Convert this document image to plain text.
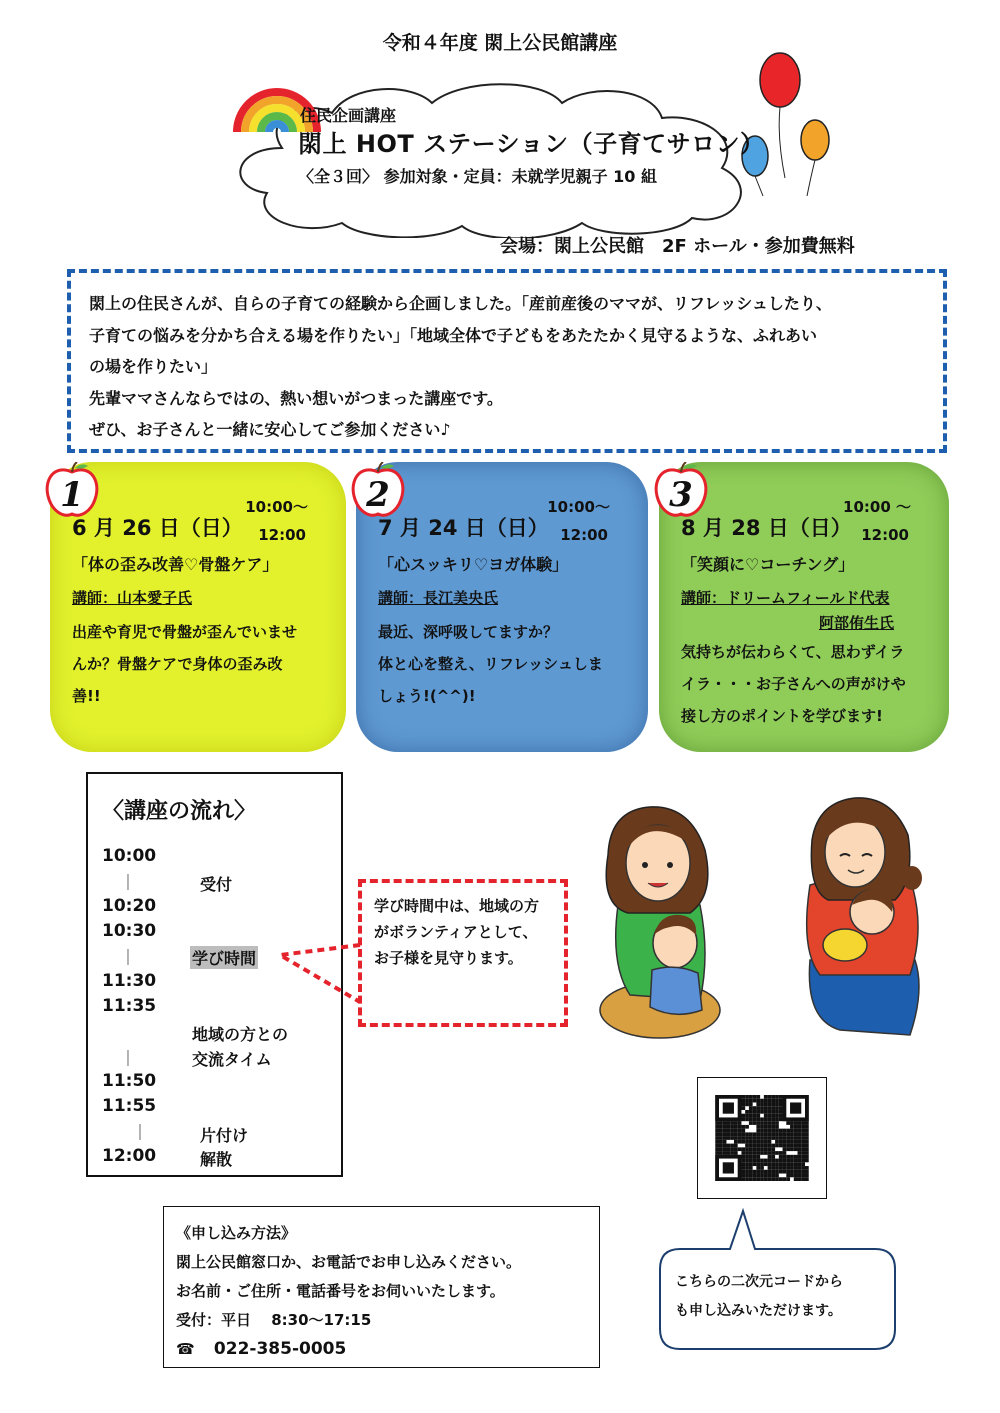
令和４年度 閖上公民館講座
住民企画講座
閖上 HOT ステーション（子育てサロン）
〈全３回〉 参加対象・定員：未就学児親子 10 組
会場：閖上公民館　2F ホール・参加費無料
閖上の住民さんが、自らの子育ての経験から企画しました。「産前産後のママが、リフレッシュしたり、
子育ての悩みを分かち合える場を作りたい」「地域全体で子どもをあたたかく見守るような、ふれあい
の場を作りたい」
先輩ママさんならではの、熱い想いがつまった講座です。
ぜひ、お子さんと一緒に安心してご参加ください♪
1	10:00～
6 月 26 日（日） 12:00
「体の歪み改善♡骨盤ケア」
講師：山本愛子氏
出産や育児で骨盤が歪んでいませ
んか？骨盤ケアで身体の歪み改
善!!
2	10:00～
7 月 24 日（日） 12:00
「心スッキリ♡ヨガ体験」
講師：長江美央氏
最近、深呼吸してますか？
体と心を整え、リフレッシュしま
しょう!(^^)!
3	10:00 ～
8 月 28 日（日） 12:00
「笑顔に♡コーチング」
講師：ドリームフィールド代表
阿部侑生氏
気持ちが伝わらくて、思わずイラ
イラ・・・お子さんへの声がけや
接し方のポイントを学びます!
〈講座の流れ〉
10:00
｜	受付
10:20
10:30
｜	学び時間
11:30
11:35
地域の方との
｜	交流タイム
11:50
11:55
｜	片付け
12:00	解散
学び時間中は、地域の方がボランティアとして、お子様を見守ります。
《申し込み方法》
閖上公民館窓口か、お電話でお申し込みください。
お名前・ご住所・電話番号をお伺いいたします。
受付：平日　 8:30～17:15
☎ 022-385-0005
こちらの二次元コードから
も申し込みいただけます。
